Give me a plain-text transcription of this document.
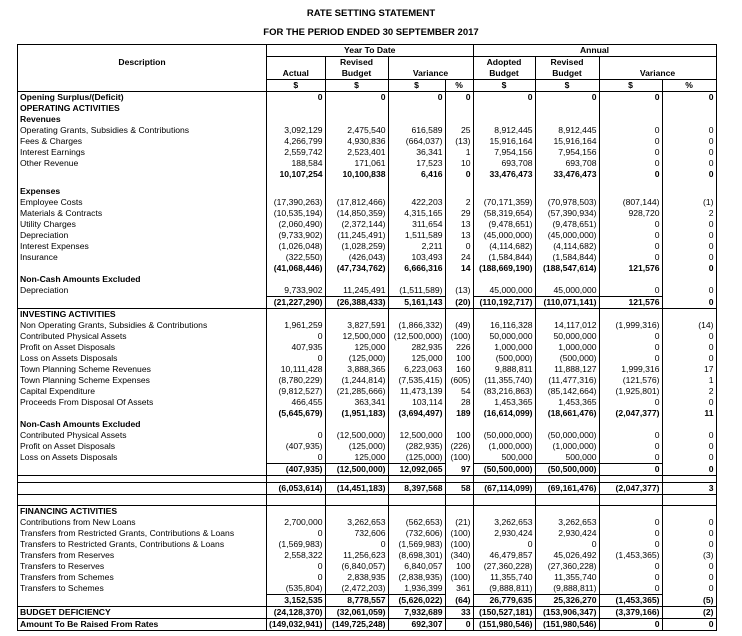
RATE SETTING STATEMENT
FOR THE PERIOD ENDED 30 SEPTEMBER 2017
Description	Year To Date				Annual			
	Actual	Revised	Variance		Adopted	Revised	Variance	
		Budget			Budget	Budget		
	$	$	$	%	$	$	$	%
Opening Surplus/(Deficit)	0	0	0	0	0	0	0	0
OPERATING ACTIVITIES								
Revenues								
Operating Grants, Subsidies & Contributions	3,092,129	2,475,540	616,589	25	8,912,445	8,912,445	0	0
Fees & Charges	4,266,799	4,930,836	(664,037)	(13)	15,916,164	15,916,164	0	0
Interest Earnings	2,559,742	2,523,401	36,341	1	7,954,156	7,954,156	0	0
Other Revenue	188,584	171,061	17,523	10	693,708	693,708	0	0
	10,107,254	10,100,838	6,416	0	33,476,473	33,476,473	0	0

Expenses								
Employee Costs	(17,390,263)	(17,812,466)	422,203	2	(70,171,359)	(70,978,503)	(807,144)	(1)
Materials & Contracts	(10,535,194)	(14,850,359)	4,315,165	29	(58,319,654)	(57,390,934)	928,720	2
Utility Charges	(2,060,490)	(2,372,144)	311,654	13	(9,478,651)	(9,478,651)	0	0
Depreciation	(9,733,902)	(11,245,491)	1,511,589	13	(45,000,000)	(45,000,000)	0	0
Interest Expenses	(1,026,048)	(1,028,259)	2,211	0	(4,114,682)	(4,114,682)	0	0
Insurance	(322,550)	(426,043)	103,493	24	(1,584,844)	(1,584,844)	0	0
	(41,068,446)	(47,734,762)	6,666,316	14	(188,669,190)	(188,547,614)	121,576	0
Non-Cash Amounts Excluded								
Depreciation	9,733,902	11,245,491	(1,511,589)	(13)	45,000,000	45,000,000	0	0
	(21,227,290)	(26,388,433)	5,161,143	(20)	(110,192,717)	(110,071,141)	121,576	0
INVESTING ACTIVITIES								
Non Operating Grants, Subsidies & Contributions	1,961,259	3,827,591	(1,866,332)	(49)	16,116,328	14,117,012	(1,999,316)	(14)
Contributed Physical Assets	0	12,500,000	(12,500,000)	(100)	50,000,000	50,000,000	0	0
Profit on Asset Disposals	407,935	125,000	282,935	226	1,000,000	1,000,000	0	0
Loss on Assets Disposals	0	(125,000)	125,000	100	(500,000)	(500,000)	0	0
Town Planning Scheme Revenues	10,111,428	3,888,365	6,223,063	160	9,888,811	11,888,127	1,999,316	17
Town Planning Scheme Expenses	(8,780,229)	(1,244,814)	(7,535,415)	(605)	(11,355,740)	(11,477,316)	(121,576)	1
Capital Expenditure	(9,812,527)	(21,285,666)	11,473,139	54	(83,216,863)	(85,142,664)	(1,925,801)	2
Proceeds From Disposal Of Assets	466,455	363,341	103,114	28	1,453,365	1,453,365	0	0
	(5,645,679)	(1,951,183)	(3,694,497)	189	(16,614,099)	(18,661,476)	(2,047,377)	11
Non-Cash Amounts Excluded								
Contributed Physical Assets	0	(12,500,000)	12,500,000	100	(50,000,000)	(50,000,000)	0	0
Profit on Asset Disposals	(407,935)	(125,000)	(282,935)	(226)	(1,000,000)	(1,000,000)	0	0
Loss on Assets Disposals	0	125,000	(125,000)	(100)	500,000	500,000	0	0
	(407,935)	(12,500,000)	12,092,065	97	(50,500,000)	(50,500,000)	0	0

	(6,053,614)	(14,451,183)	8,397,568	58	(67,114,099)	(69,161,476)	(2,047,377)	3

FINANCING ACTIVITIES								
Contributions from New Loans	2,700,000	3,262,653	(562,653)	(21)	3,262,653	3,262,653	0	0
Transfers from Restricted Grants, Contributions & Loans	0	732,606	(732,606)	(100)	2,930,424	2,930,424	0	0
Transfers to Restricted Grants, Contributions & Loans	(1,569,983)	0	(1,569,983)	(100)	0	0	0	0
Transfers from Reserves	2,558,322	11,256,623	(8,698,301)	(340)	46,479,857	45,026,492	(1,453,365)	(3)
Transfers to Reserves	0	(6,840,057)	6,840,057	100	(27,360,228)	(27,360,228)	0	0
Transfers from Schemes	0	2,838,935	(2,838,935)	(100)	11,355,740	11,355,740	0	0
Transfers to Schemes	(535,804)	(2,472,203)	1,936,399	361	(9,888,811)	(9,888,811)	0	0
	3,152,535	8,778,557	(5,626,022)	(64)	26,779,635	25,326,270	(1,453,365)	(5)
BUDGET DEFICIENCY	(24,128,370)	(32,061,059)	7,932,689	33	(150,527,181)	(153,906,347)	(3,379,166)	(2)
Amount To Be Raised From Rates	(149,032,941)	(149,725,248)	692,307	0	(151,980,546)	(151,980,546)	0	0
